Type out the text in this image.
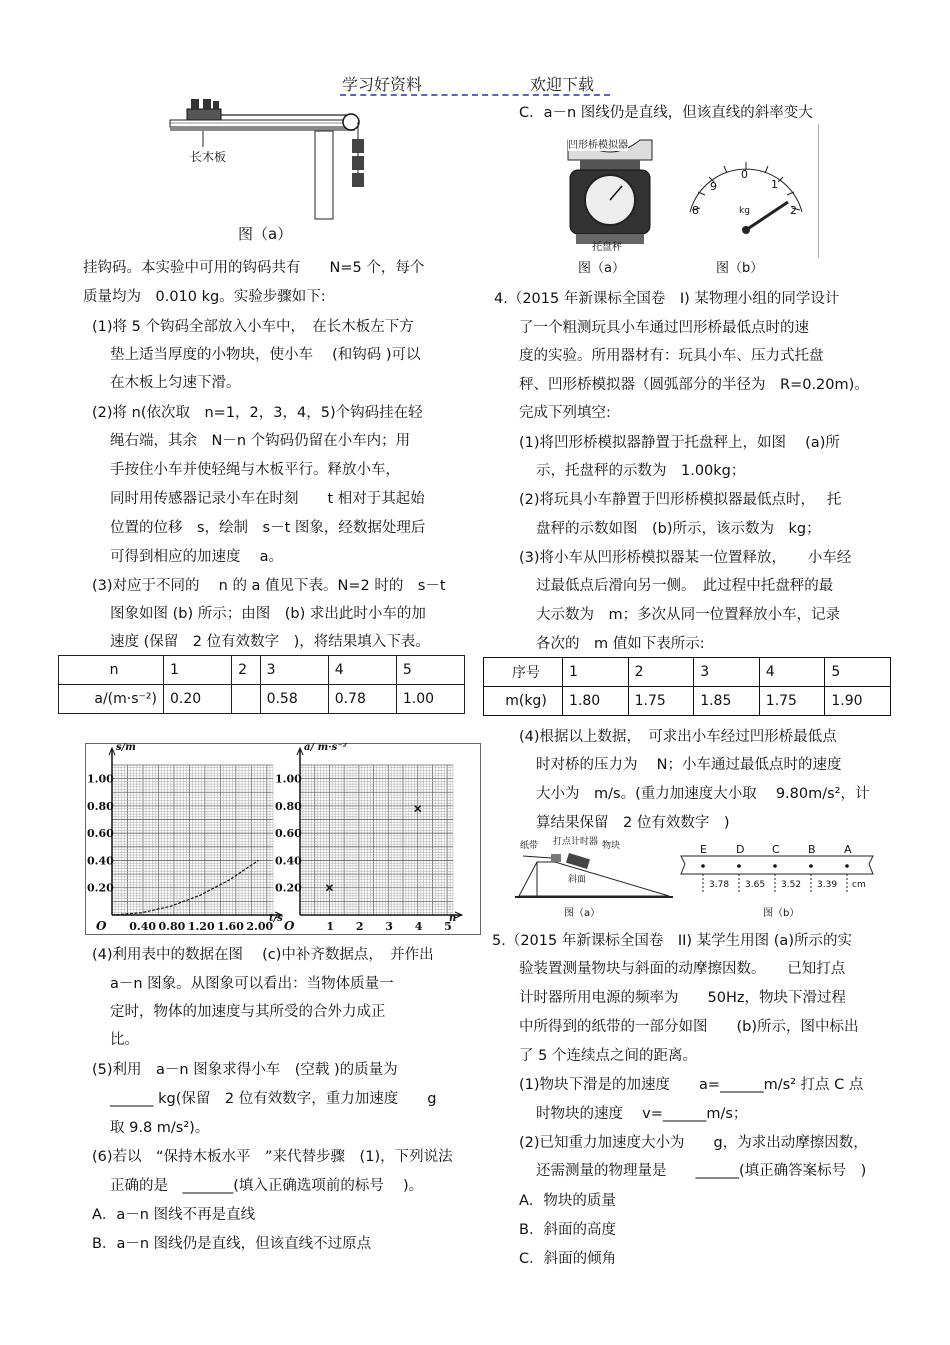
学习好资料	欢迎下载
长木板
图（a）
挂钩码。本实验中可用的钩码共有　　N=5 个，每个
质量均为　0.010 kg。实验步骤如下:
(1)将 5 个钩码全部放入小车中，　在长木板左下方
垫上适当厚度的小物块，使小车　 (和钩码 )可以
在木板上匀速下滑。
(2)将 n(依次取　n=1，2，3，4，5)个钩码挂在轻
绳右端，其余　N－n 个钩码仍留在小车内；用
手按住小车并使轻绳与木板平行。释放小车，
同时用传感器记录小车在时刻　　t 相对于其起始
位置的位移　s，绘制　s－t 图象，经数据处理后
可得到相应的加速度　 a。
(3)对应于不同的　 n 的 a 值见下表。N=2 时的　s－t
图象如图 (b) 所示；由图　(b) 求出此时小车的加
速度 (保留　2 位有效数字　)，将结果填入下表。
n	1	2	3	4	5
a/(m·s⁻²)	0.20		0.58	0.78	1.00
0.20
0.40
0.60
0.80
1.00
0.40 0.80 1.20 1.60 2.00
O
s/m
t/s
0.20
0.40
0.60
0.80
1.00
1 2 3 4 5
O
a/ m·s⁻²
n
(4)利用表中的数据在图　 (c)中补齐数据点，　并作出
a－n 图象。从图象可以看出：当物体质量一
定时，物体的加速度与其所受的合外力成正
比。
(5)利用　a－n 图象求得小车　(空载 )的质量为
______ kg(保留　2 位有效数字，重力加速度　　g
取 9.8 m/s²)。
(6)若以　“保持木板水平　”来代替步骤　(1)，下列说法
正确的是　_______(填入正确选项前的标号　 )。
A．a－n 图线不再是直线
B．a－n 图线仍是直线，但该直线不过原点
C．a－n 图线仍是直线，但该直线的斜率变大
凹形桥模拟器
托盘秤
0
1
2
8
9
kg
图（a）	图（b）
4.（2015 年新课标全国卷　I) 某物理小组的同学设计
了一个粗测玩具小车通过凹形桥最低点时的速
度的实验。所用器材有：玩具小车、压力式托盘
秤、凹形桥模拟器（圆弧部分的半径为　R=0.20m)。
完成下列填空:
(1)将凹形桥模拟器静置于托盘秤上，如图　 (a)所
示，托盘秤的示数为　1.00kg；
(2)将玩具小车静置于凹形桥模拟器最低点时，　 托
盘秤的示数如图　(b)所示，该示数为　kg；
(3)将小车从凹形桥模拟器某一位置释放，　　小车经
过最低点后滑向另一侧。　此过程中托盘秤的最
大示数为　m；多次从同一位置释放小车，记录
各次的　m 值如下表所示:
序号	1	2	3	4	5
m(kg)	1.80	1.75	1.85	1.75	1.90
(4)根据以上数据，　可求出小车经过凹形桥最低点
时对桥的压力为　 N；小车通过最低点时的速度
大小为　m/s。(重力加速度大小取　 9.80m/s²，计
算结果保留　2 位有效数字　)
纸带 打点计时器 物块
斜面
图（a）
E	D	C	B	A
3.78 3.65 3.52 3.39 cm
图（b）
5.（2015 年新课标全国卷　II) 某学生用图 (a)所示的实
验装置测量物块与斜面的动摩擦因数。　　已知打点
计时器所用电源的频率为　　50Hz，物块下滑过程
中所得到的纸带的一部分如图　　(b)所示，图中标出
了 5 个连续点之间的距离。
(1)物块下滑是的加速度　　a=______m/s² 打点 C 点
时物块的速度　 v=______m/s；
(2)已知重力加速度大小为　　g，为求出动摩擦因数，
还需测量的物理量是　　______(填正确答案标号　)
A．物块的质量
B．斜面的高度
C．斜面的倾角
